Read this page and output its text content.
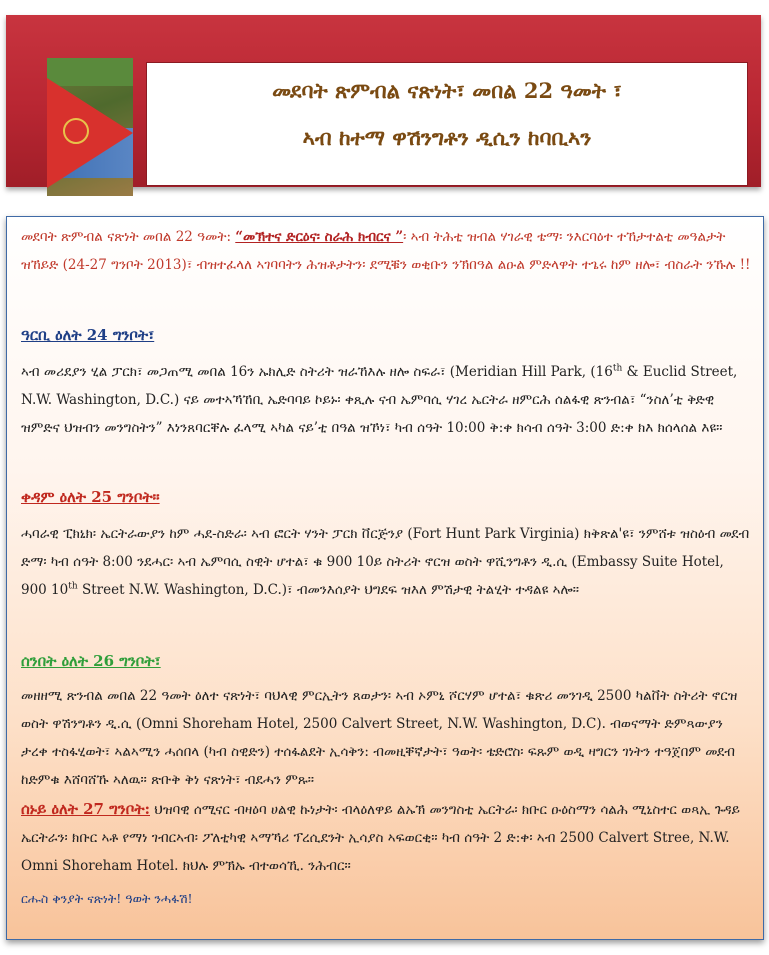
መደባት ጽምብል ናጽነት፣ መበል 22 ዓመት ፣
ኣብ ከተማ ዋሽንግቶን ዲሲን ከባቢኣን

መደባት ጽምብል ናጽነት መበል 22 ዓመት: “መኽተና ድርዕና፡ ስራሕ ክብርና ”፡ ኣብ ትሕቲ ዝብል ሃገራዊ ቴማ፡ ንእርባዕተ ተኸታተልቲ መዓልታት ዝኸይድ (24-27 ግንቦት 2013)፣ ብዝተፈላለ ኣገባባትን ሕዝቶታትን፡ ደሚቑን ወቂቡን ንኽበዓል ልዑል ምድላዋት ተጌሩ ከም ዘሎ፣ ብስራት ንኹሉ !!

ዓርቢ ዕለት 24 ግንቦት፣

ኣብ መሪደያን ሂል ፓርክ፣ መጋጠሚ መበል 16ን ኡክሊድ ስትሪት ዝራኸእሉ ዘሎ ስፍራ፣ (Meridian Hill Park, (16th & Euclid Street, N.W. Washington, D.C.) ናይ መተኣኻኸቢ ኤድባባይ ኮይኑ፡ ቀጺሉ ናብ ኤምባሲ ሃገረ ኤርትራ ዘምርሕ ሰልፋዊ ጽንብል፣ “ንስለ’ቲ ቅድዊ ዝምድና ህዝብን መንግስትን” እነንጸባርቐሉ ፈላሚ ኣካል ናይ’ቲ በዓል ዝኾነ፣ ካብ ሰዓት 10:00 ቅ:ቀ ክሳብ ሰዓት 3:00 ድ:ቀ ክእ ክሰላሰል እዩ።

ቀዳም ዕለት 25 ግንቦት።

ሓባራዊ ፒክኒክ፡ ኤርትራውያን ከም ሓደ-ስድራ፡ ኣብ ፎርት ሃንት ፓርክ ቨርጅንያ (Fort Hunt Park Virginia) ክቅጽል'ዩ፣ ንምሸቱ ዝስዕብ መደብ ድማ፡ ካብ ሰዓት 8:00 ንደሓር፡ ኣብ ኤምባሲ ስዊት ሆተል፣ ቁ 900 10ይ ስትሪት ኖርዝ ወስት ዋሺንግቶን ዲ.ሲ (Embassy Suite Hotel, 900 10th Street N.W. Washington, D.C.)፣ ብመንእሰያት ህግደፍ ዝእለ ምሽታዊ ትልሂት ተዳልዩ ኣሎ።

ሰንበት ዕለት 26 ግንቦት፣

መዘዘሚ ጽንብል መበል 22 ዓመት ዕለተ ናጽነት፣ ባህላዊ ምርኢትን ጸወታን፡ ኣብ ኦምኒ ሾርሃም ሆተል፣ ቁጽሪ መንገዲ 2500 ካልቨት ስትሪት ኖርዝ ወስት ዋሽንግቶን ዲ.ሲ (Omni Shoreham Hotel, 2500 Calvert Street, N.W. Washington, D.C). ብወናማት ድምጻውያን ታረቀ ተስፋሂወት፣ ኣልኣሚን ሓሰበላ (ካብ ስዊድን) ተሰፋልደት ኢሳቅን: ብመዚቐኛታት፣ ዓወት፡ ቴድሮስ፡ ፍጹም ወዲ ዛግርን ገነትን ተዓጀበም መደብ ከድምቁ እሸባሸኹ ኣለዉ። ጽቡቅ ቅነ ናጽነት፣ ብደሓን ምጹ።

ሰኑይ ዕለት 27 ግንቦት: ህዝባዊ ሰሚናር ብዛዕባ ሀልዊ ኩነታት፡ ብላዕለዋይ ልኡኽ መንግስቲ ኤርትራ፡ ክቡር ዑዕስማን ሳልሕ ሚኒስተር ወጻኢ ጉዳይ ኤርትራን፡ ክቡር ኣቶ የማነ ገብርኣብ፡ ፖለቲካዊ ኣማኻሪ ፕረሲደንት ኢሳያስ ኣፍወርቂ። ካብ ሰዓት 2 ድ:ቀ፡ ኣብ 2500 Calvert Stree, N.W. Omni Shoreham Hotel. ክህሉ ምኽኡ ብተወሳኺ. ንሕብር።

ርሑስ ቅንያት ናጽነት! ዓወት ንሓፋሽ!
